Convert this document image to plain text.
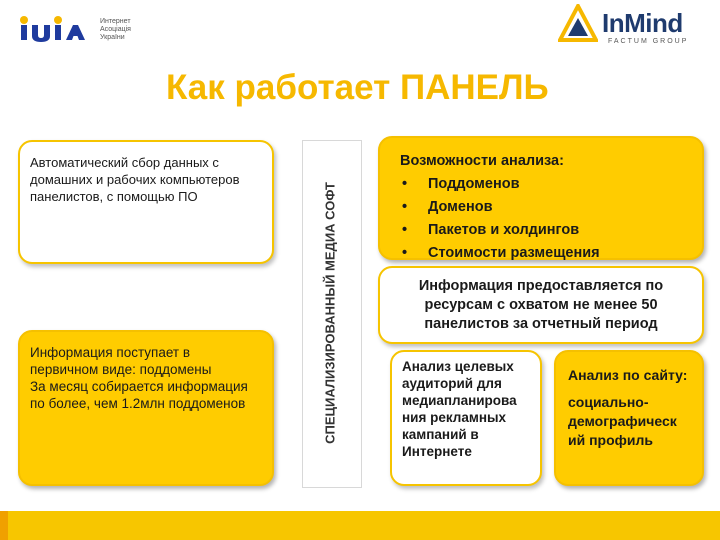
Интернет Асоціація України	InMind
FACTUM GROUP
Как работает ПАНЕЛЬ
Автоматический сбор данных с домашних и рабочих компьютеров панелистов, с помощью ПО
Информация поступает в первичном виде: поддомены
За месяц собирается информация по более, чем 1.2млн поддоменов	СПЕЦИАЛИЗИРОВАННЫЙ МЕДИА СОФТ
Возможности анализа:
• Поддоменов
• Доменов
• Пакетов и холдингов
• Стоимости размещения
Информация предоставляется по ресурсам с охватом не менее 50 панелистов за отчетный период
Анализ целевых аудиторий для медиапланирова ния рекламных кампаний в Интернете
Анализ по сайту:
социально-демографическ ий профиль
